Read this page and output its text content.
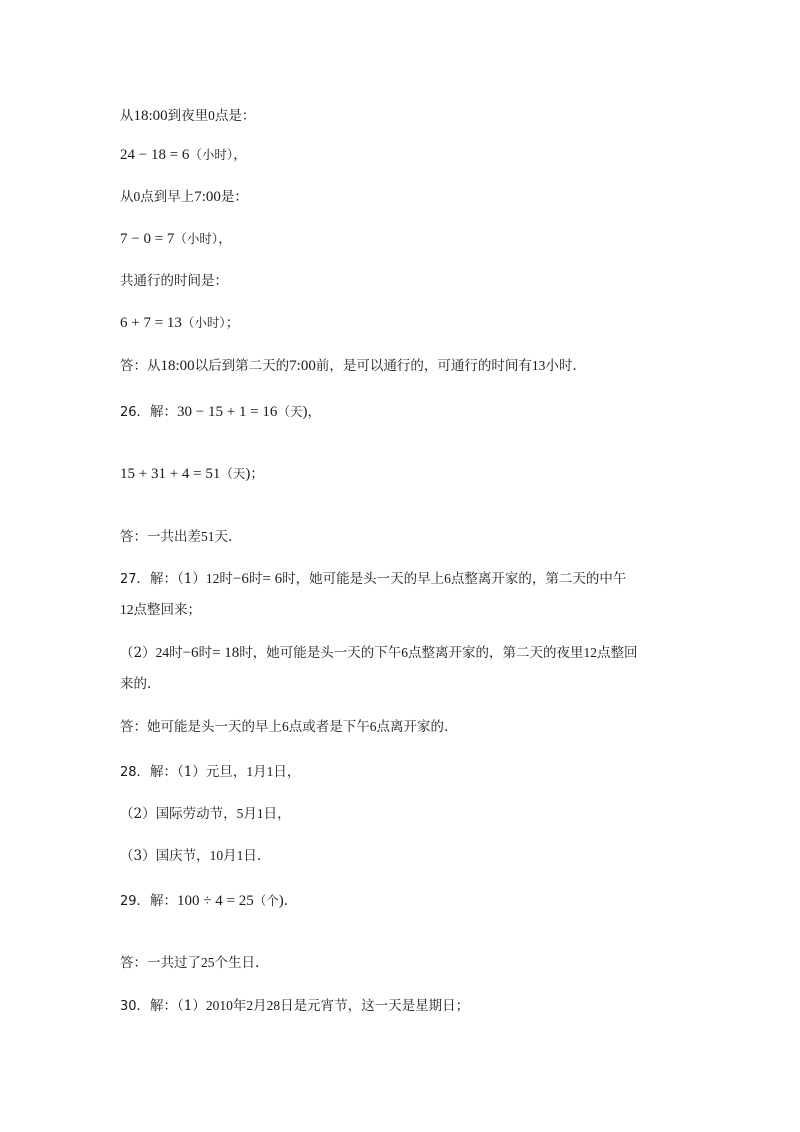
从18:00到夜里0点是：
24 − 18 = 6（小时），
从0点到早上7:00是：
7 − 0 = 7（小时），
共通行的时间是：
6 + 7 = 13（小时）；
答：从18:00以后到第二天的7:00前，是可以通行的，可通行的时间有13小时.
26．解：30 − 15 + 1 = 16（天)，
15 + 31 + 4 = 51（天)；
答：一共出差51天.
27．解：（1）12时−6时= 6时，她可能是头一天的早上6点整离开家的，第二天的中午
12点整回来；
（2）24时−6时= 18时，她可能是头一天的下午6点整离开家的，第二天的夜里12点整回
来的.
答：她可能是头一天的早上6点或者是下午6点离开家的.
28．解：（1）元旦，1月1日，
（2）国际劳动节，5月1日，
（3）国庆节，10月1日.
29．解：100 ÷ 4 = 25（个).
答：一共过了25个生日.
30．解：（1）2010年2月28日是元宵节，这一天是星期日；
